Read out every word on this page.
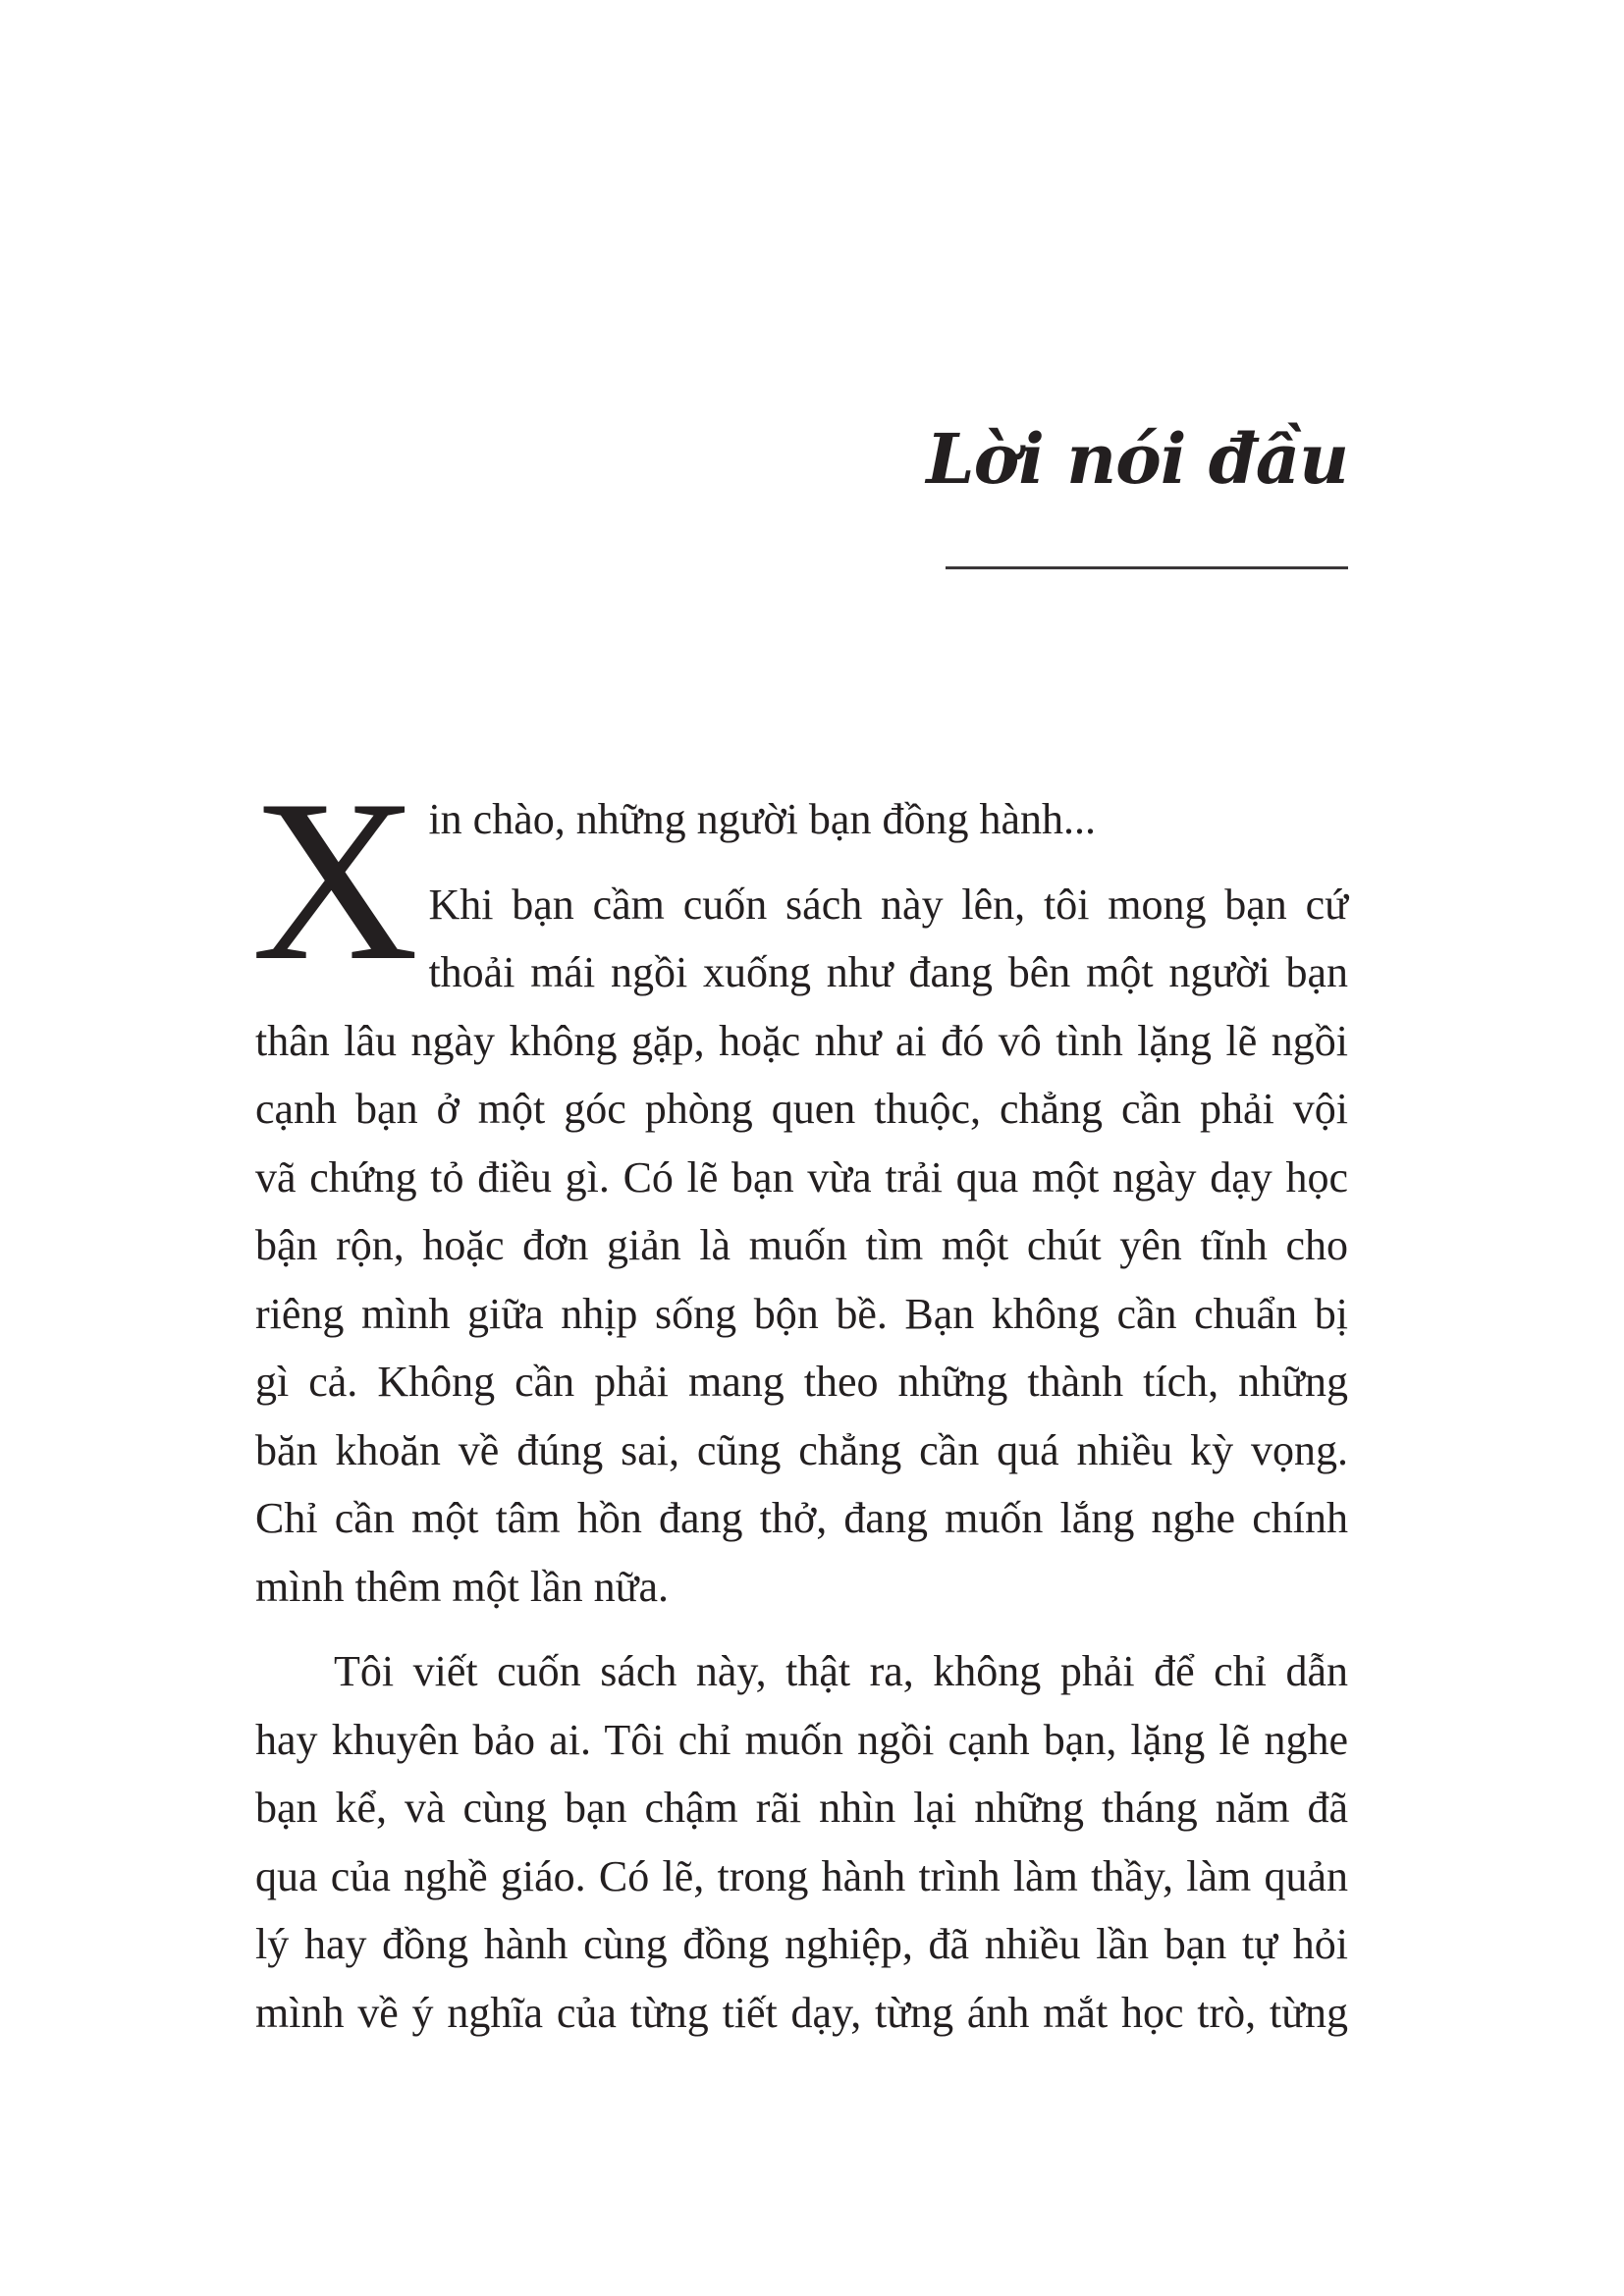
Lời nói đầu
X in chào, những người bạn đồng hành...
Khi bạn cầm cuốn sách này lên, tôi mong bạn cứ
thoải mái ngồi xuống như đang bên một người bạn
thân lâu ngày không gặp, hoặc như ai đó vô tình lặng lẽ ngồi
cạnh bạn ở một góc phòng quen thuộc, chẳng cần phải vội
vã chứng tỏ điều gì. Có lẽ bạn vừa trải qua một ngày dạy học
bận rộn, hoặc đơn giản là muốn tìm một chút yên tĩnh cho
riêng mình giữa nhịp sống bộn bề. Bạn không cần chuẩn bị
gì cả. Không cần phải mang theo những thành tích, những
băn khoăn về đúng sai, cũng chẳng cần quá nhiều kỳ vọng.
Chỉ cần một tâm hồn đang thở, đang muốn lắng nghe chính
mình thêm một lần nữa.
Tôi viết cuốn sách này, thật ra, không phải để chỉ dẫn
hay khuyên bảo ai. Tôi chỉ muốn ngồi cạnh bạn, lặng lẽ nghe
bạn kể, và cùng bạn chậm rãi nhìn lại những tháng năm đã
qua của nghề giáo. Có lẽ, trong hành trình làm thầy, làm quản
lý hay đồng hành cùng đồng nghiệp, đã nhiều lần bạn tự hỏi
mình về ý nghĩa của từng tiết dạy, từng ánh mắt học trò, từng
